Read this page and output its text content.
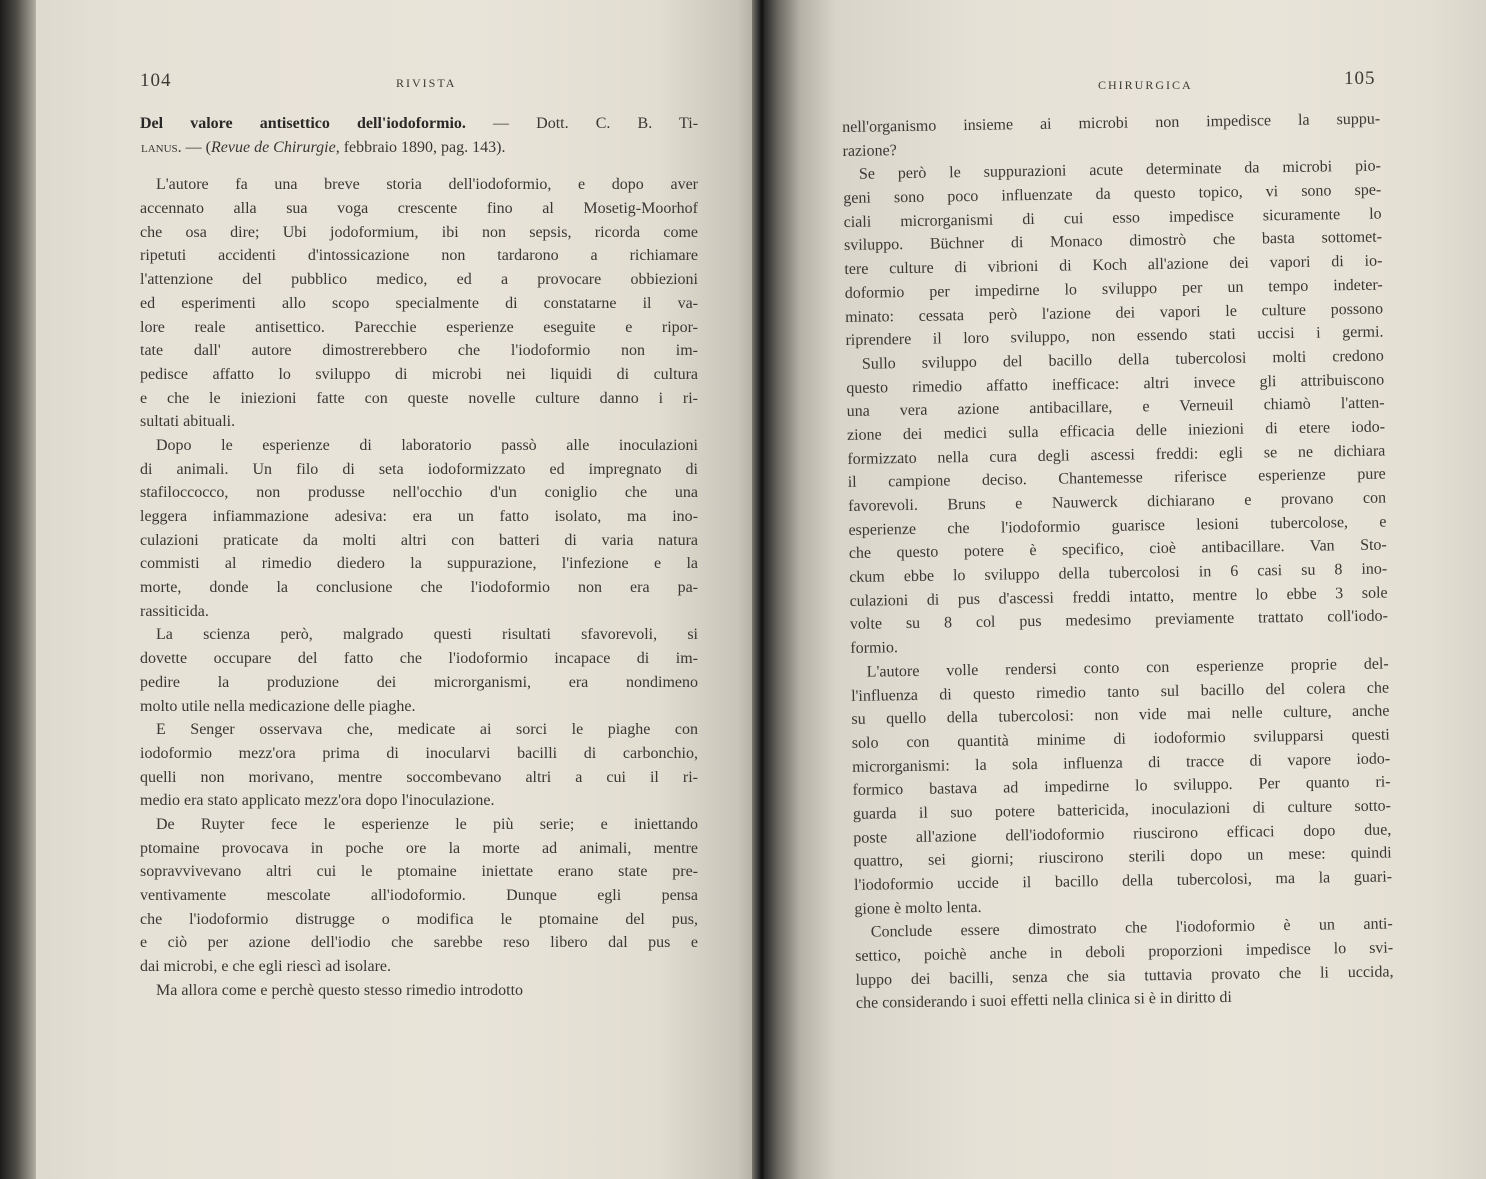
104	RIVISTA
Del valore antisettico dell'iodoformio. — Dott. C. B. Ti-
lanus. — (Revue de Chirurgie, febbraio 1890, pag. 143).
L'autore fa una breve storia dell'iodoformio, e dopo aver
accennato alla sua voga crescente fino al Mosetig-Moorhof
che osa dire; Ubi jodoformium, ibi non sepsis, ricorda come
ripetuti accidenti d'intossicazione non tardarono a richiamare
l'attenzione del pubblico medico, ed a provocare obbiezioni
ed esperimenti allo scopo specialmente di constatarne il va-
lore reale antisettico. Parecchie esperienze eseguite e ripor-
tate dall' autore dimostrerebbero che l'iodoformio non im-
pedisce affatto lo sviluppo di microbi nei liquidi di cultura
e che le iniezioni fatte con queste novelle culture danno i ri-
sultati abituali.
Dopo le esperienze di laboratorio passò alle inoculazioni
di animali. Un filo di seta iodoformizzato ed impregnato di
stafiloccocco, non produsse nell'occhio d'un coniglio che una
leggera infiammazione adesiva: era un fatto isolato, ma ino-
culazioni praticate da molti altri con batteri di varia natura
commisti al rimedio diedero la suppurazione, l'infezione e la
morte, donde la conclusione che l'iodoformio non era pa-
rassiticida.
La scienza però, malgrado questi risultati sfavorevoli, si
dovette occupare del fatto che l'iodoformio incapace di im-
pedire la produzione dei microrganismi, era nondimeno
molto utile nella medicazione delle piaghe.
E Senger osservava che, medicate ai sorci le piaghe con
iodoformio mezz'ora prima di inocularvi bacilli di carbonchio,
quelli non morivano, mentre soccombevano altri a cui il ri-
medio era stato applicato mezz'ora dopo l'inoculazione.
De Ruyter fece le esperienze le più serie; e iniettando
ptomaine provocava in poche ore la morte ad animali, mentre
sopravvivevano altri cui le ptomaine iniettate erano state pre-
ventivamente mescolate all'iodoformio. Dunque egli pensa
che l'iodoformio distrugge o modifica le ptomaine del pus,
e ciò per azione dell'iodio che sarebbe reso libero dal pus e
dai microbi, e che egli riescì ad isolare.
Ma allora come e perchè questo stesso rimedio introdotto
CHIRURGICA	105
nell'organismo insieme ai microbi non impedisce la suppu-
razione?
Se però le suppurazioni acute determinate da microbi pio-
geni sono poco influenzate da questo topico, vi sono spe-
ciali microrganismi di cui esso impedisce sicuramente lo
sviluppo. Büchner di Monaco dimostrò che basta sottomet-
tere culture di vibrioni di Koch all'azione dei vapori di io-
doformio per impedirne lo sviluppo per un tempo indeter-
minato: cessata però l'azione dei vapori le culture possono
riprendere il loro sviluppo, non essendo stati uccisi i germi.
Sullo sviluppo del bacillo della tubercolosi molti credono
questo rimedio affatto inefficace: altri invece gli attribuiscono
una vera azione antibacillare, e Verneuil chiamò l'atten-
zione dei medici sulla efficacia delle iniezioni di etere iodo-
formizzato nella cura degli ascessi freddi: egli se ne dichiara
il campione deciso. Chantemesse riferisce esperienze pure
favorevoli. Bruns e Nauwerck dichiarano e provano con
esperienze che l'iodoformio guarisce lesioni tubercolose, e
che questo potere è specifico, cioè antibacillare. Van Sto-
ckum ebbe lo sviluppo della tubercolosi in 6 casi su 8 ino-
culazioni di pus d'ascessi freddi intatto, mentre lo ebbe 3 sole
volte su 8 col pus medesimo previamente trattato coll'iodo-
formio.
L'autore volle rendersi conto con esperienze proprie del-
l'influenza di questo rimedio tanto sul bacillo del colera che
su quello della tubercolosi: non vide mai nelle culture, anche
solo con quantità minime di iodoformio svilupparsi questi
microrganismi: la sola influenza di tracce di vapore iodo-
formico bastava ad impedirne lo sviluppo. Per quanto ri-
guarda il suo potere battericida, inoculazioni di culture sotto-
poste all'azione dell'iodoformio riuscirono efficaci dopo due,
quattro, sei giorni; riuscirono sterili dopo un mese: quindi
l'iodoformio uccide il bacillo della tubercolosi, ma la guari-
gione è molto lenta.
Conclude essere dimostrato che l'iodoformio è un anti-
settico, poichè anche in deboli proporzioni impedisce lo svi-
luppo dei bacilli, senza che sia tuttavia provato che li uccida,
che considerando i suoi effetti nella clinica si è in diritto di
